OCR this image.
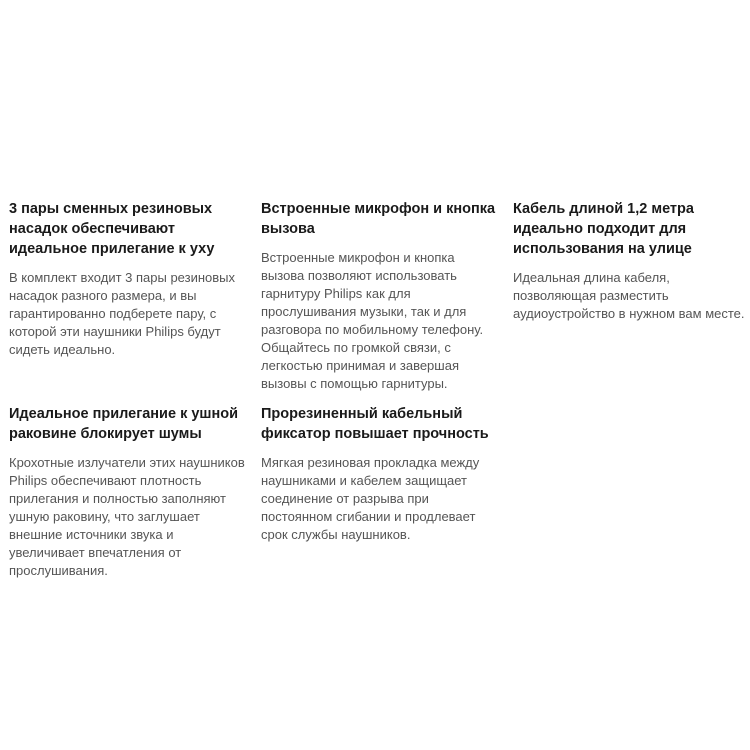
3 пары сменных резиновых насадок обеспечивают идеальное прилегание к уху

В комплект входит 3 пары резиновых насадок разного размера, и вы гарантированно подберете пару, с которой эти наушники Philips будут сидеть идеально.

Встроенные микрофон и кнопка вызова

Встроенные микрофон и кнопка вызова позволяют использовать гарнитуру Philips как для прослушивания музыки, так и для разговора по мобильному телефону. Общайтесь по громкой связи, с легкостью принимая и завершая вызовы с помощью гарнитуры.

Кабель длиной 1,2 метра идеально подходит для использования на улице

Идеальная длина кабеля, позволяющая разместить аудиоустройство в нужном вам месте.

Идеальное прилегание к ушной раковине блокирует шумы

Крохотные излучатели этих наушников Philips обеспечивают плотность прилегания и полностью заполняют ушную раковину, что заглушает внешние источники звука и увеличивает впечатления от прослушивания.

Прорезиненный кабельный фиксатор повышает прочность

Мягкая резиновая прокладка между наушниками и кабелем защищает соединение от разрыва при постоянном сгибании и продлевает срок службы наушников.
